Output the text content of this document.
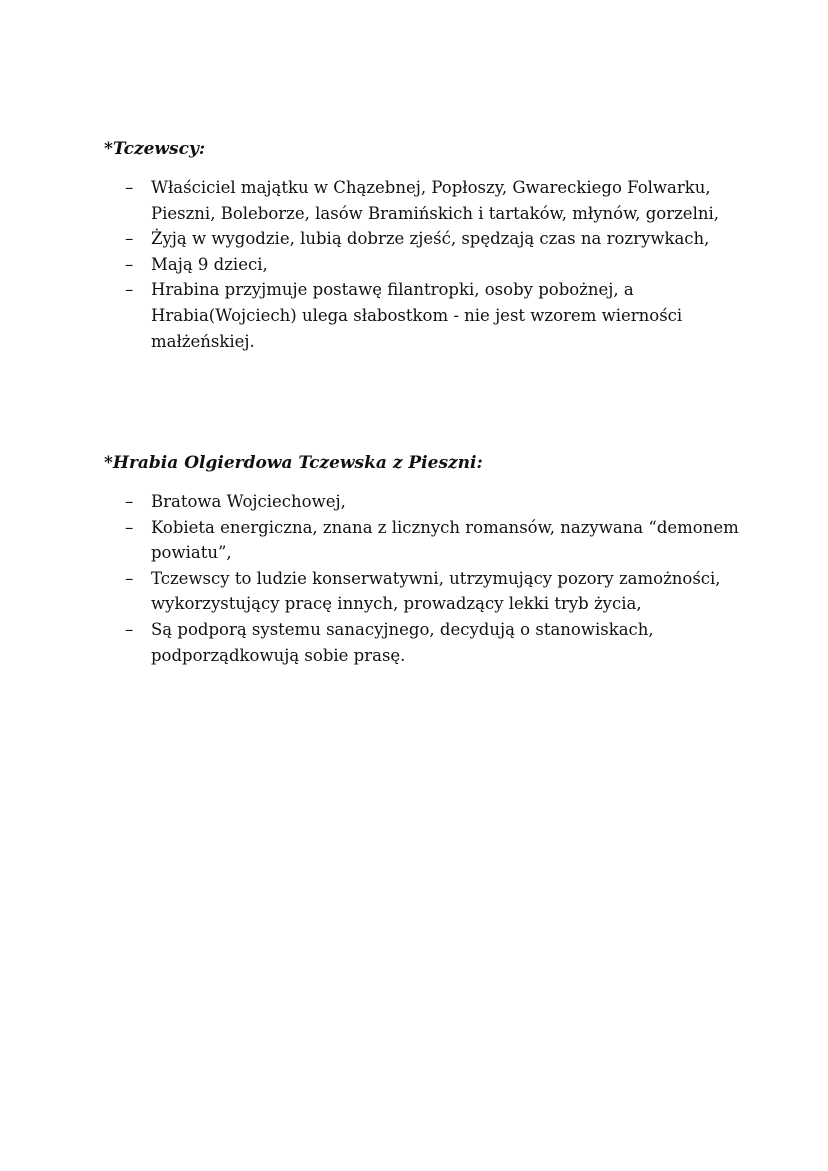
*Tczewscy:

– Właściciel majątku w Chązebnej, Popłoszy, Gwareckiego Folwarku, Pieszni, Boleborze, lasów Bramińskich i tartaków, młynów, gorzelni,
– Żyją w wygodzie, lubią dobrze zjeść, spędzają czas na rozrywkach,
– Mają 9 dzieci,
– Hrabina przyjmuje postawę filantropki, osoby pobożnej, a Hrabia(Wojciech) ulega słabostkom - nie jest wzorem wierności małżeńskiej.

*Hrabia Olgierdowa Tczewska z Pieszni:

– Bratowa Wojciechowej,
– Kobieta energiczna, znana z licznych romansów, nazywana “demonem powiatu”,
– Tczewscy to ludzie konserwatywni, utrzymujący pozory zamożności, wykorzystujący pracę innych, prowadzący lekki tryb życia,
– Są podporą systemu sanacyjnego, decydują o stanowiskach, podporządkowują sobie prasę.
